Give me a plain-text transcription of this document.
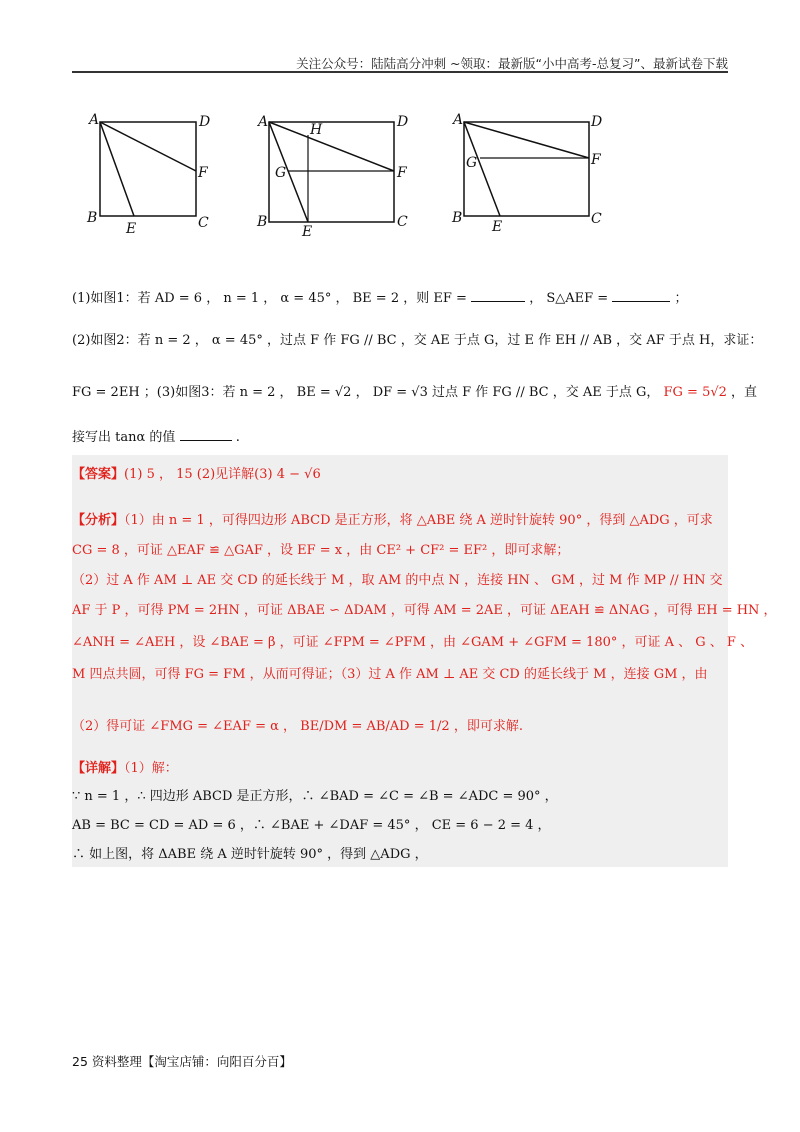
关注公众号：陆陆高分冲刺 ~领取：最新版“小中高考-总复习”、最新试卷下载
A	D
F
B
E	C
A	H	D
G	F
B
E
C
A	D
G	F
B
E	C
(1)如图1：若 AD = 6 ， n = 1 ， α = 45° ， BE = 2 ，则 EF =	， S△AEF =	；
(2)如图2：若 n = 2 ， α = 45° ，过点 F 作 FG // BC ，交 AE 于点 G，过 E 作 EH // AB ，交 AF 于点 H，求证：
FG = 2EH ；(3)如图3：若 n = 2 ， BE = √2 ， DF = √3 过点 F 作 FG // BC ，交 AE 于点 G， FG = 5√2 ，直
接写出 tanα 的值	.
【答案】(1) 5 ， 15 (2)见详解(3) 4 − √6
【分析】（1）由 n = 1 ，可得四边形 ABCD 是正方形，将 △ABE 绕 A 逆时针旋转 90° ，得到 △ADG ，可求
CG = 8 ，可证 △EAF ≌ △GAF ，设 EF = x ，由 CE² + CF² = EF² ，即可求解；
（2）过 A 作 AM ⊥ AE 交 CD 的延长线于 M ，取 AM 的中点 N ，连接 HN 、 GM ，过 M 作 MP // HN 交
AF 于 P ，可得 PM = 2HN ，可证 ΔBAE ∽ ΔDAM ，可得 AM = 2AE ，可证 ΔEAH ≌ ΔNAG ，可得 EH = HN ，
∠ANH = ∠AEH ，设 ∠BAE = β ，可证 ∠FPM = ∠PFM ，由 ∠GAM + ∠GFM = 180° ，可证 A 、 G 、 F 、
M 四点共圆，可得 FG = FM ，从而可得证；（3）过 A 作 AM ⊥ AE 交 CD 的延长线于 M ，连接 GM ，由
（2）得可证 ∠FMG = ∠EAF = α ， BE/DM = AB/AD = 1/2 ，即可求解.
【详解】（1）解：
∵ n = 1 ，∴ 四边形 ABCD 是正方形，∴ ∠BAD = ∠C = ∠B = ∠ADC = 90° ，
AB = BC = CD = AD = 6 ，∴ ∠BAE + ∠DAF = 45° ， CE = 6 − 2 = 4 ，
∴ 如上图，将 ΔABE 绕 A 逆时针旋转 90° ，得到 △ADG ，
25 资料整理【淘宝店铺：向阳百分百】
